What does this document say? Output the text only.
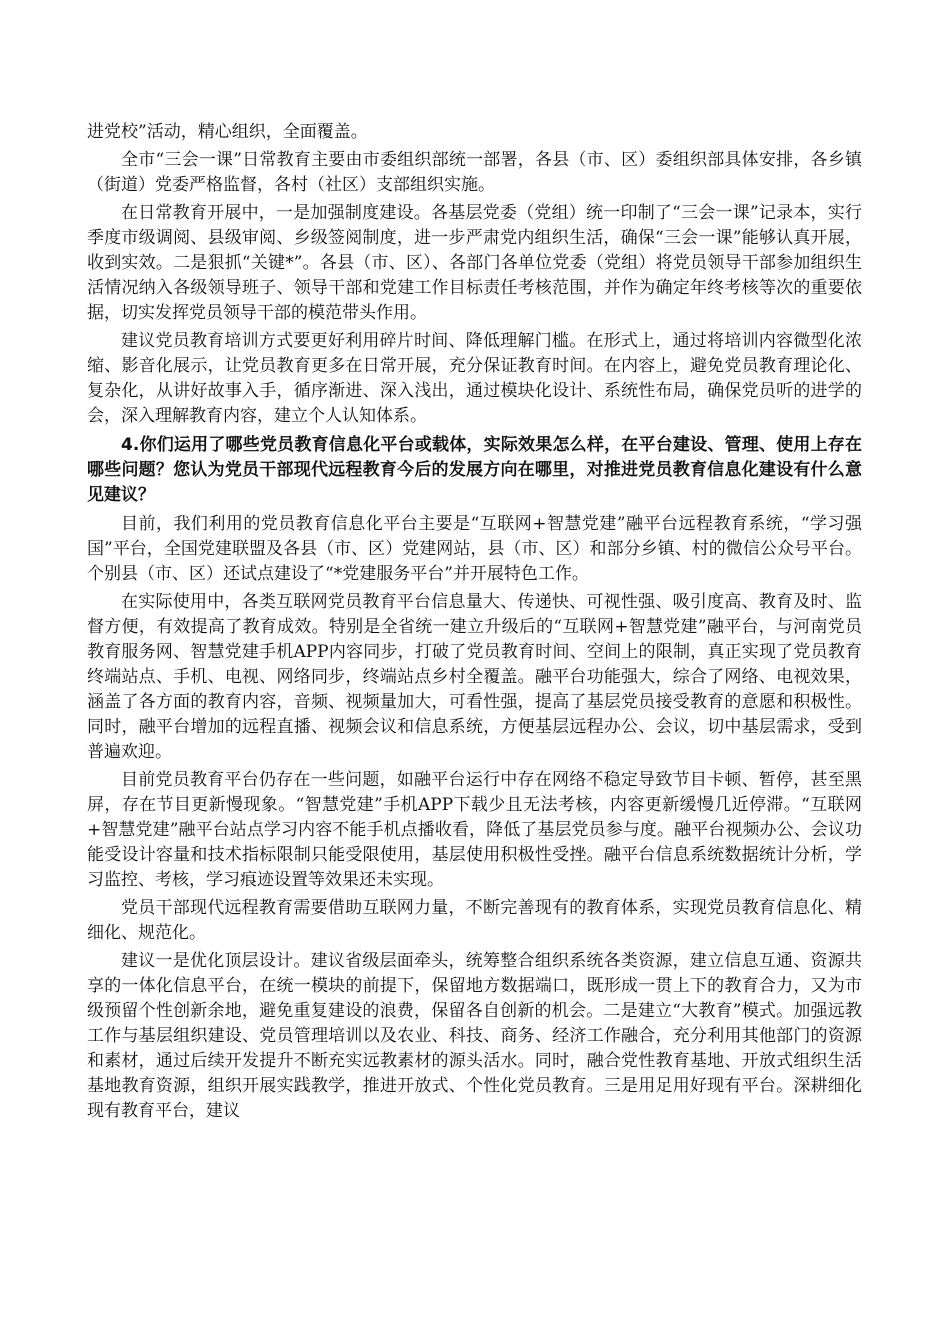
进党校”活动，精心组织，全面覆盖。

全市“三会一课”日常教育主要由市委组织部统一部署，各县（市、区）委组织部具体安排，各乡镇（街道）党委严格监督，各村（社区）支部组织实施。

在日常教育开展中，一是加强制度建设。各基层党委（党组）统一印制了“三会一课”记录本，实行季度市级调阅、县级审阅、乡级签阅制度，进一步严肃党内组织生活，确保“三会一课”能够认真开展，收到实效。二是狠抓“关键*”。各县（市、区）、各部门各单位党委（党组）将党员领导干部参加组织生活情况纳入各级领导班子、领导干部和党建工作目标责任考核范围，并作为确定年终考核等次的重要依据，切实发挥党员领导干部的模范带头作用。

建议党员教育培训方式要更好利用碎片时间、降低理解门槛。在形式上，通过将培训内容微型化浓缩、影音化展示，让党员教育更多在日常开展，充分保证教育时间。在内容上，避免党员教育理论化、复杂化，从讲好故事入手，循序渐进、深入浅出，通过模块化设计、系统性布局，确保党员听的进学的会，深入理解教育内容，建立个人认知体系。

4.你们运用了哪些党员教育信息化平台或载体，实际效果怎么样，在平台建设、管理、使用上存在哪些问题？您认为党员干部现代远程教育今后的发展方向在哪里，对推进党员教育信息化建设有什么意见建议？

目前，我们利用的党员教育信息化平台主要是“互联网+智慧党建”融平台远程教育系统，“学习强国”平台，全国党建联盟及各县（市、区）党建网站，县（市、区）和部分乡镇、村的微信公众号平台。个别县（市、区）还试点建设了“*党建服务平台”并开展特色工作。

在实际使用中，各类互联网党员教育平台信息量大、传递快、可视性强、吸引度高、教育及时、监督方便，有效提高了教育成效。特别是全省统一建立升级后的“互联网+智慧党建”融平台，与河南党员教育服务网、智慧党建手机APP内容同步，打破了党员教育时间、空间上的限制，真正实现了党员教育终端站点、手机、电视、网络同步，终端站点乡村全覆盖。融平台功能强大，综合了网络、电视效果，涵盖了各方面的教育内容，音频、视频量加大，可看性强，提高了基层党员接受教育的意愿和积极性。同时，融平台增加的远程直播、视频会议和信息系统，方便基层远程办公、会议，切中基层需求，受到普遍欢迎。

目前党员教育平台仍存在一些问题，如融平台运行中存在网络不稳定导致节目卡顿、暂停，甚至黑屏，存在节目更新慢现象。“智慧党建”手机APP下载少且无法考核，内容更新缓慢几近停滞。“互联网+智慧党建”融平台站点学习内容不能手机点播收看，降低了基层党员参与度。融平台视频办公、会议功能受设计容量和技术指标限制只能受限使用，基层使用积极性受挫。融平台信息系统数据统计分析，学习监控、考核，学习痕迹设置等效果还未实现。

党员干部现代远程教育需要借助互联网力量，不断完善现有的教育体系，实现党员教育信息化、精细化、规范化。

建议一是优化顶层设计。建议省级层面牵头，统筹整合组织系统各类资源，建立信息互通、资源共享的一体化信息平台，在统一模块的前提下，保留地方数据端口，既形成一贯上下的教育合力，又为市级预留个性创新余地，避免重复建设的浪费，保留各自创新的机会。二是建立“大教育”模式。加强远教工作与基层组织建设、党员管理培训以及农业、科技、商务、经济工作融合，充分利用其他部门的资源和素材，通过后续开发提升不断充实远教素材的源头活水。同时，融合党性教育基地、开放式组织生活基地教育资源，组织开展实践教学，推进开放式、个性化党员教育。三是用足用好现有平台。深耕细化现有教育平台，建议
